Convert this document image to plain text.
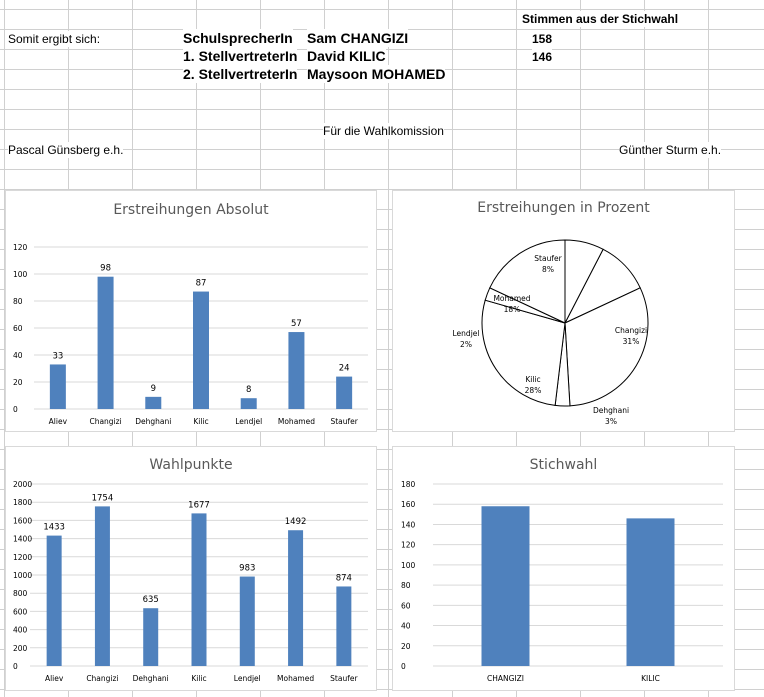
Stimmen aus der Stichwahl
Somit ergibt sich:	SchulsprecherIn Sam CHANGIZI	158
1. StellvertreterIn David KILIC	146
2. StellvertreterIn Maysoon MOHAMED
Für die Wahlkomission
Pascal Günsberg e.h.	Günther Sturm e.h.
Erstreihungen Absolut
0
20
40
60
80
100
120
33
Aliev
98
Changizi
9
Dehghani
87
Kilic
8
Lendjel
57
Mohamed
24
Staufer
Erstreihungen in Prozent
Changizi
31%
Dehghani
3%
Kilic
28%
Lendjel
2%
Mohamed
18%
Staufer
8%
Wahlpunkte
0
200
400
600
800
1000
1200
1400
1600
1800
2000
1433
Aliev
1754
Changizi
635
Dehghani
1677
Kilic
983
Lendjel
1492
Mohamed
874
Staufer
Stichwahl
0
20
40
60
80
100
120
140
160
180
CHANGIZI	KILIC
